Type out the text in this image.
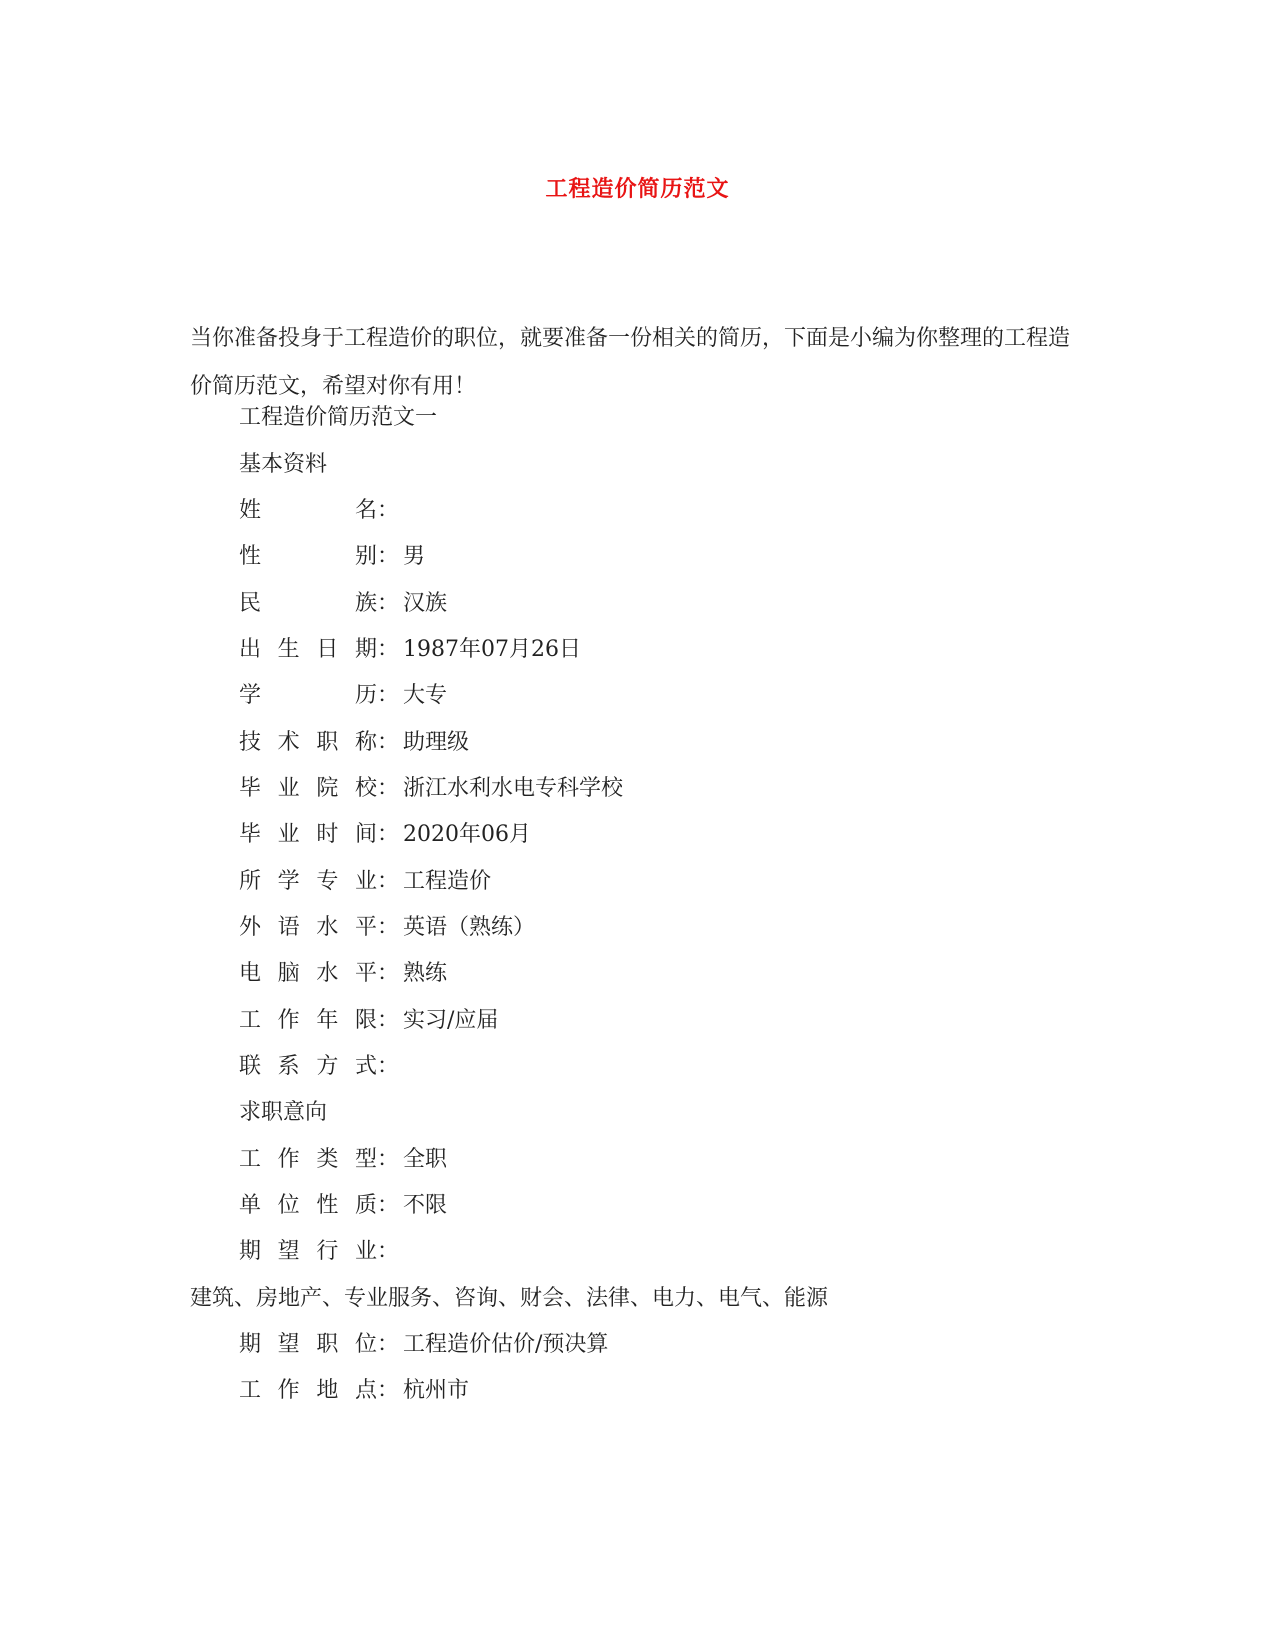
工程造价简历范文
当你准备投身于工程造价的职位，就要准备一份相关的简历，下面是小编为你整理的工程造价简历范文，希望对你有用！
工程造价简历范文一
基本资料
姓　　名：
性　　别： 男
民　　族： 汉族
出生日期： 1987年07月26日
学　　历： 大专
技术职称： 助理级
毕业院校： 浙江水利水电专科学校
毕业时间： 2020年06月
所学专业： 工程造价
外语水平： 英语（熟练）
电脑水平： 熟练
工作年限： 实习/应届
联系方式：
求职意向
工作类型： 全职
单位性质： 不限
期望行业：
建筑、房地产、专业服务、咨询、财会、法律、电力、电气、能源
期望职位： 工程造价估价/预决算
工作地点： 杭州市
